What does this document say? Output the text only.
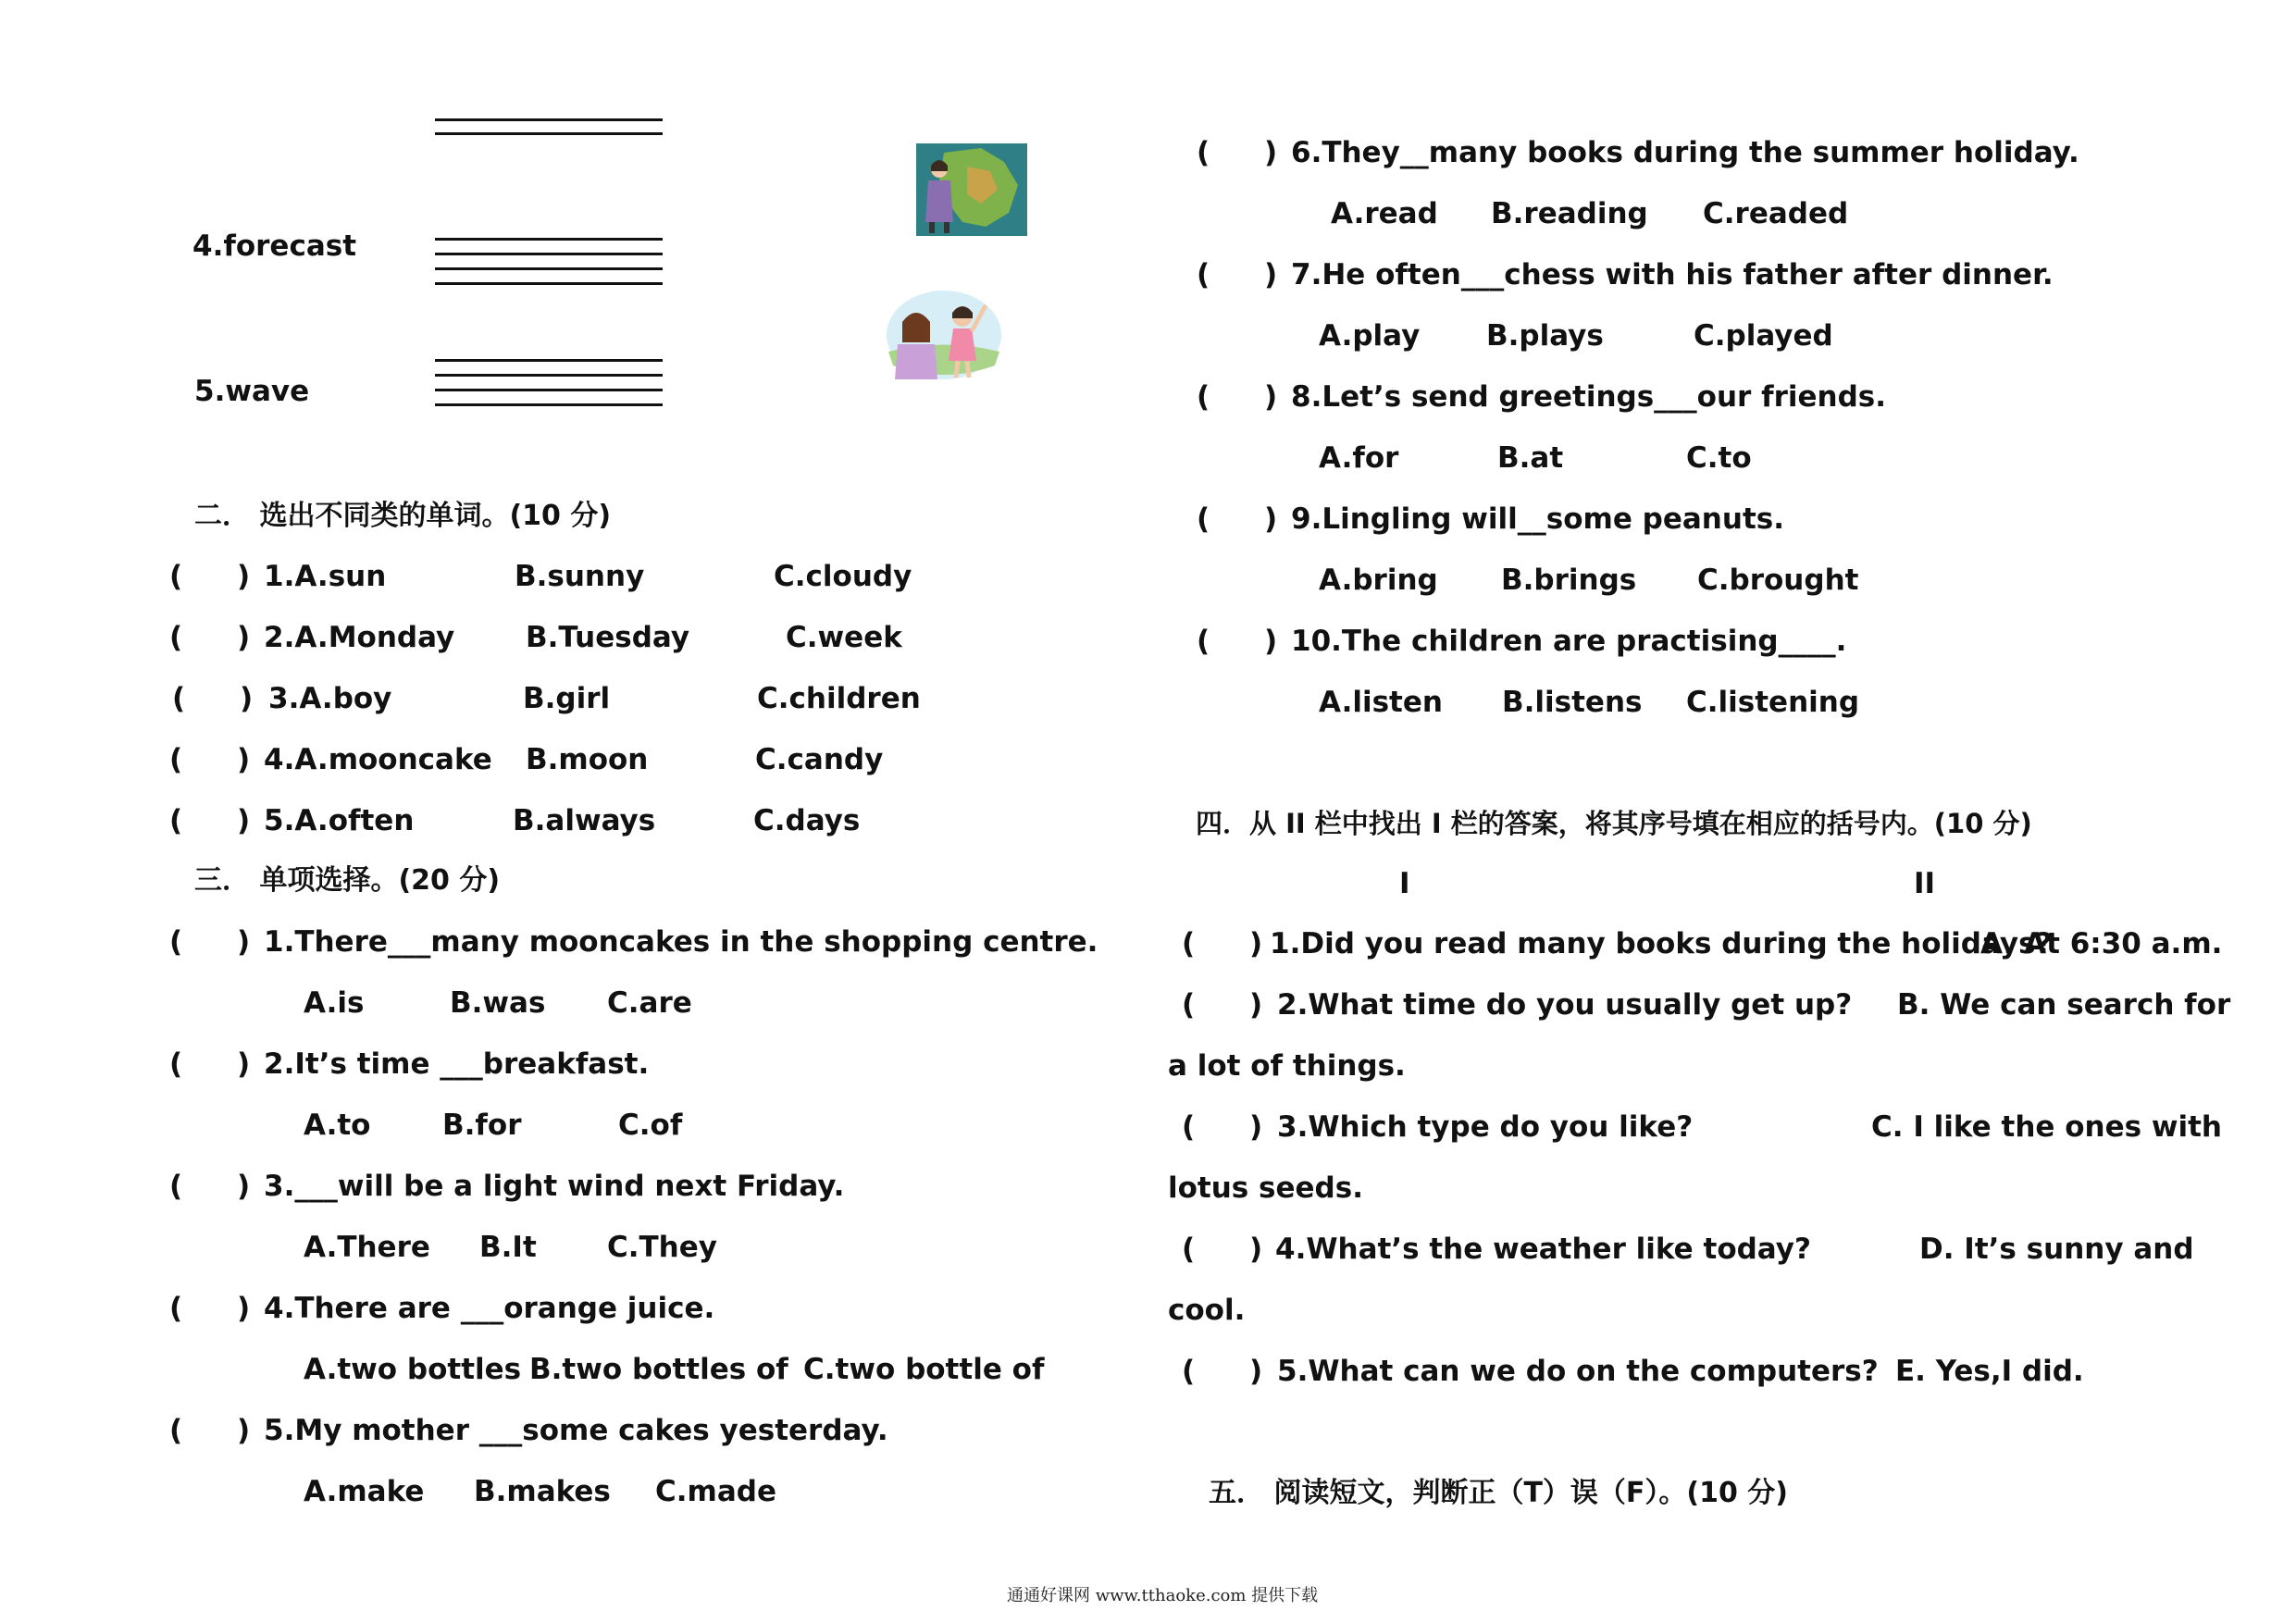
4.forecast
5.wave
二． 选出不同类的单词。(10 分)
( ) 1.A.sun	B.sunny	C.cloudy
( ) 2.A.Monday B.Tuesday	C.week
( ) 3.A.boy	B.girl	C.children
( ) 4.A.mooncake B.moon	C.candy
( ) 5.A.often	B.always	C.days
三． 单项选择。(20 分)
( ) 1.There___many mooncakes in the shopping centre.
A.is	B.was C.are
( ) 2.It’s time ___breakfast.
A.to	B.for	C.of
( ) 3.___will be a light wind next Friday.
A.There B.It C.They
( ) 4.There are ___orange juice.
A.two bottles B.two bottles of C.two bottle of
( ) 5.My mother ___some cakes yesterday.
A.make B.makes C.made
( ) 6.They__many books during the summer holiday.
A.read B.reading C.readed
( ) 7.He often___chess with his father after dinner.
A.play B.plays	C.played
( ) 8.Let’s send greetings___our friends.
A.for	B.at	C.to
( ) 9.Lingling will__some peanuts.
A.bring B.brings C.brought
( ) 10.The children are practising____.
A.listen B.listens C.listening
四．从 II 栏中找出 I 栏的答案，将其序号填在相应的括号内。(10 分)
I	II
( ) 1.Did you read many books during the holidays?
A. At 6:30 a.m.
( ) 2.What time do you usually get up? B. We can search for
a lot of things.
( ) 3.Which type do you like?	C. I like the ones with
lotus seeds.
( ) 4.What’s the weather like today?	D. It’s sunny and
cool.
( ) 5.What can we do on the computers? E. Yes,I did.
五． 阅读短文，判断正（T）误（F）。(10 分)
通通好课网 www.tthaoke.com 提供下载
